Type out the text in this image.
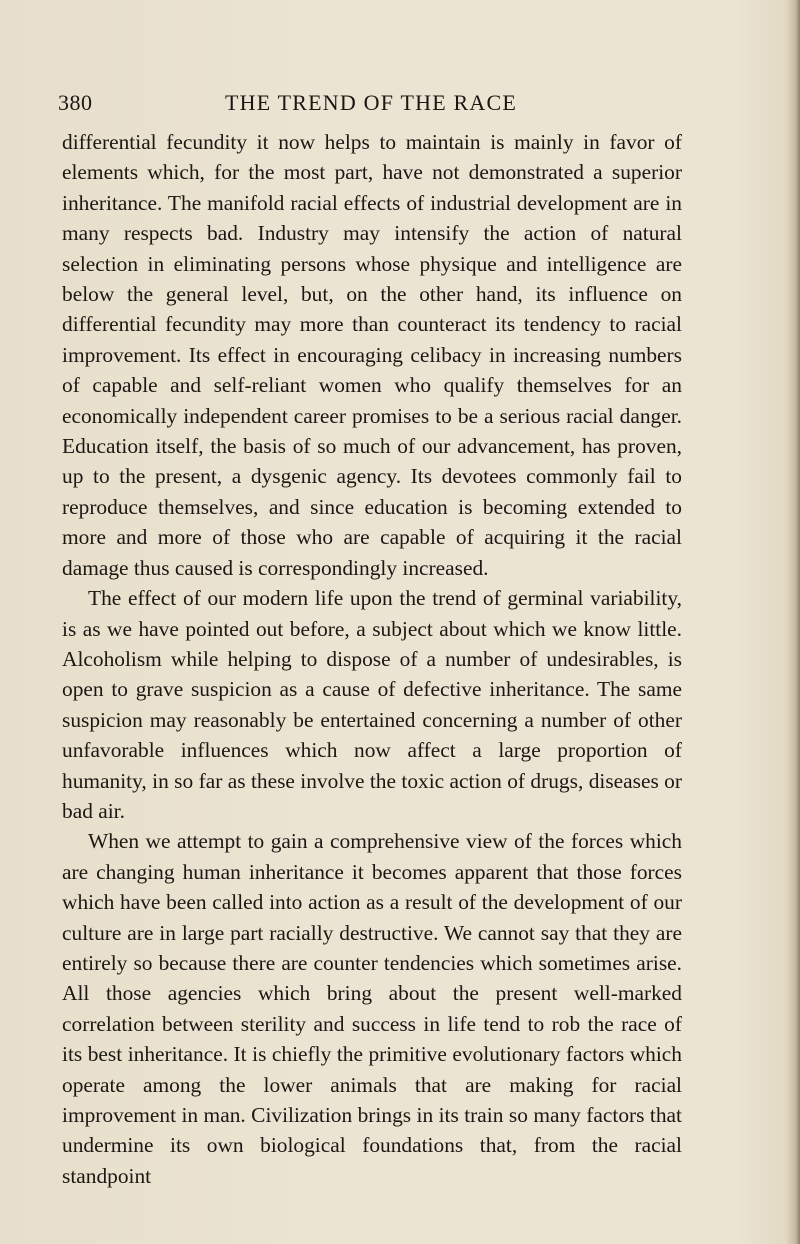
380	THE TREND OF THE RACE

differential fecundity it now helps to maintain is mainly in favor of elements which, for the most part, have not demonstrated a superior inheritance. The manifold racial effects of industrial development are in many respects bad. Industry may intensify the action of natural selection in eliminating persons whose physique and intelligence are below the general level, but, on the other hand, its influence on differential fecundity may more than counteract its tendency to racial improvement. Its effect in encouraging celibacy in increasing numbers of capable and self-reliant women who qualify themselves for an economically independent career promises to be a serious racial danger. Education itself, the basis of so much of our advancement, has proven, up to the present, a dysgenic agency. Its devotees commonly fail to reproduce themselves, and since education is becoming extended to more and more of those who are capable of acquiring it the racial damage thus caused is correspondingly increased.

The effect of our modern life upon the trend of germinal variability, is as we have pointed out before, a subject about which we know little. Alcoholism while helping to dispose of a number of undesirables, is open to grave suspicion as a cause of defective inheritance. The same suspicion may reasonably be entertained concerning a number of other unfavorable influences which now affect a large proportion of humanity, in so far as these involve the toxic action of drugs, diseases or bad air.

When we attempt to gain a comprehensive view of the forces which are changing human inheritance it becomes apparent that those forces which have been called into action as a result of the development of our culture are in large part racially destructive. We cannot say that they are entirely so because there are counter tendencies which sometimes arise. All those agencies which bring about the present well-marked correlation between sterility and success in life tend to rob the race of its best inheritance. It is chiefly the primitive evolutionary factors which operate among the lower animals that are making for racial improvement in man. Civilization brings in its train so many factors that undermine its own biological foundations that, from the racial standpoint
